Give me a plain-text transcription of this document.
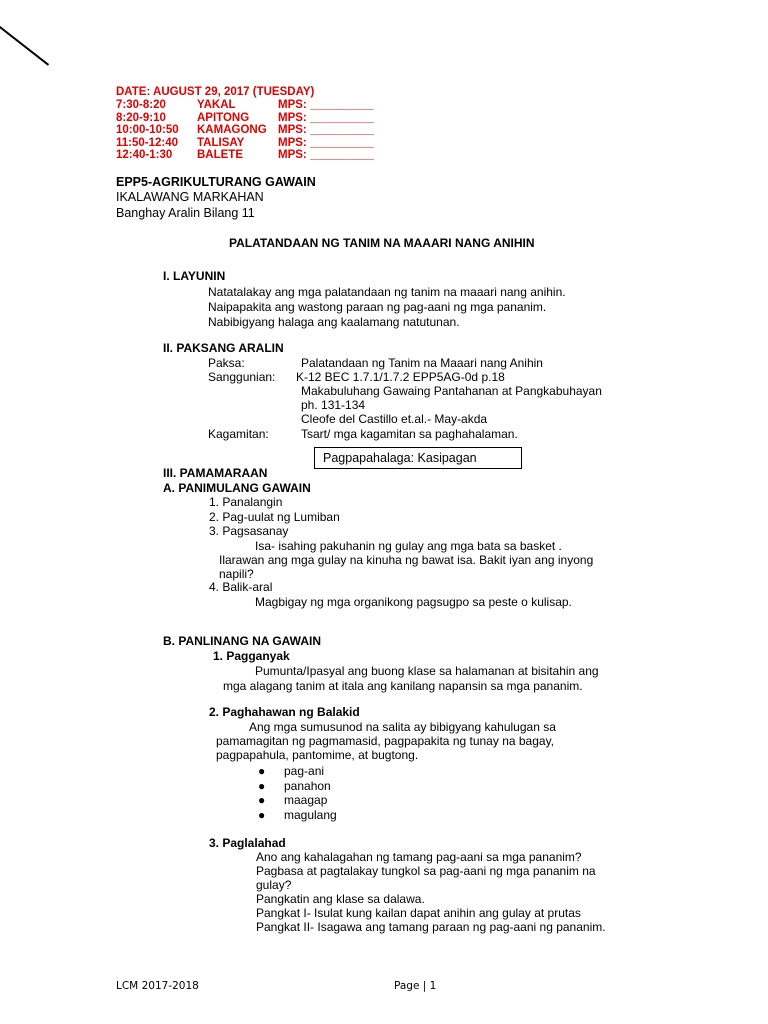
DATE: AUGUST 29, 2017 (TUESDAY)
7:30-8:20	YAKAL	MPS: __________
8:20-9:10	APITONG	MPS: __________
10:00-10:50	KAMAGONG	MPS: __________
11:50-12:40	TALISAY	MPS: __________
12:40-1:30	BALETE	MPS: __________
EPP5-AGRIKULTURANG GAWAIN
IKALAWANG MARKAHAN
Banghay Aralin Bilang 11
PALATANDAAN NG TANIM NA MAAARI NANG ANIHIN
I. LAYUNIN
Natatalakay ang mga palatandaan ng tanim na maaari nang anihin.
Naipapakita ang wastong paraan ng pag-aani ng mga pananim.
Nabibigyang halaga ang kaalamang natutunan.
II. PAKSANG ARALIN
Paksa:	Palatandaan ng Tanim na Maaari nang Anihin
Sanggunian: K-12 BEC 1.7.1/1.7.2 EPP5AG-0d p.18
Makabuluhang Gawaing Pantahanan at Pangkabuhayan
ph. 131-134
Cleofe del Castillo et.al.- May-akda
Kagamitan:	Tsart/ mga kagamitan sa paghahalaman.
Pagpapahalaga: Kasipagan
III. PAMAMARAAN
A. PANIMULANG GAWAIN
1. Panalangin
2. Pag-uulat ng Lumiban
3. Pagsasanay
Isa- isahing pakuhanin ng gulay ang mga bata sa basket .
Ilarawan ang mga gulay na kinuha ng bawat isa. Bakit iyan ang inyong
napili?
4. Balik-aral
Magbigay ng mga organikong pagsugpo sa peste o kulisap.
B. PANLINANG NA GAWAIN
1. Pagganyak
Pumunta/Ipasyal ang buong klase sa halamanan at bisitahin ang
mga alagang tanim at itala ang kanilang napansin sa mga pananim.
2. Paghahawan ng Balakid
Ang mga sumusunod na salita ay bibigyang kahulugan sa
pamamagitan ng pagmamasid, pagpapakita ng tunay na bagay,
pagpapahula, pantomime, at bugtong.
● pag-ani
● panahon
● maagap
● magulang
3. Paglalahad
Ano ang kahalagahan ng tamang pag-aani sa mga pananim?
Pagbasa at pagtalakay tungkol sa pag-aani ng mga pananim na
gulay?
Pangkatin ang klase sa dalawa.
Pangkat I- Isulat kung kailan dapat anihin ang gulay at prutas
Pangkat II- Isagawa ang tamang paraan ng pag-aani ng pananim.
LCM 2017-2018	Page | 1
